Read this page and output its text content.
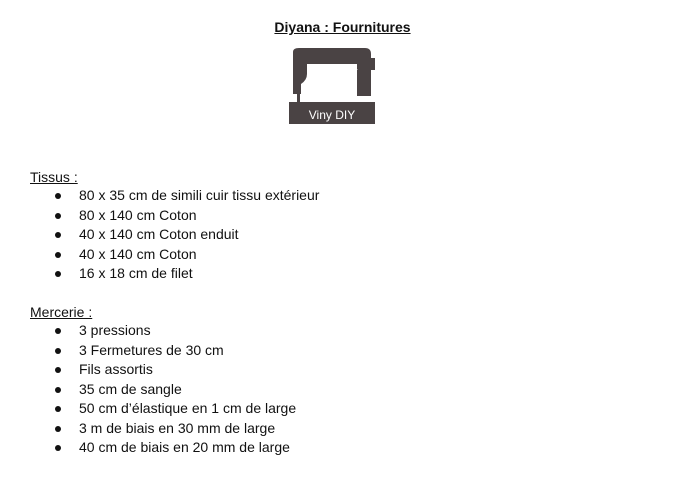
Diyana : Fournitures
Viny DIY
Tissus :
80 x 35 cm de simili cuir tissu extérieur
80 x 140 cm Coton
40 x 140 cm Coton enduit
40 x 140 cm Coton
16 x 18 cm de filet
Mercerie :
3 pressions
3 Fermetures de 30 cm
Fils assortis
35 cm de sangle
50 cm d’élastique en 1 cm de large
3 m de biais en 30 mm de large
40 cm de biais en 20 mm de large
